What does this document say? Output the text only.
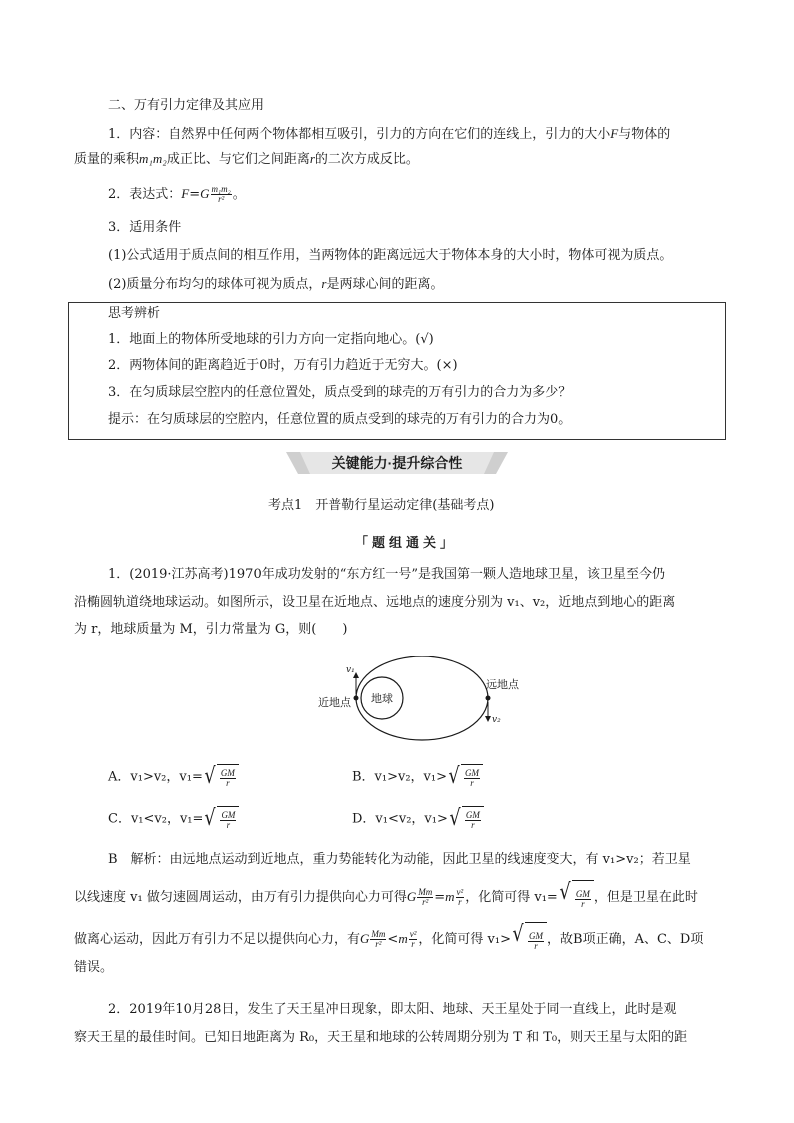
二、万有引力定律及其应用
1．内容：自然界中任何两个物体都相互吸引，引力的方向在它们的连线上，引力的大小F与物体的
质量的乘积m₁m₂成正比、与它们之间距离r的二次方成反比。
2．表达式：$F=G \frac{\text{m₁m₂}}{\text{r²}}$ 。
3．适用条件
(1)公式适用于质点间的相互作用，当两物体的距离远远大于物体本身的大小时，物体可视为质点。
(2)质量分布均匀的球体可视为质点，r是两球心间的距离。
思考辨析
1．地面上的物体所受地球的引力方向一定指向地心。(√)
2．两物体间的距离趋近于0时，万有引力趋近于无穷大。(×)
3．在匀质球层空腔内的任意位置处，质点受到的球壳的万有引力的合力为多少？
提示：在匀质球层的空腔内，任意位置的质点受到的球壳的万有引力的合力为0。
关键能力·提升综合性
考点1　开普勒行星运动定律(基础考点)
「题组通关」
1．(2019·江苏高考)1970年成功发射的“东方红一号”是我国第一颗人造地球卫星，该卫星至今仍
沿椭圆轨道绕地球运动。如图所示，设卫星在近地点、远地点的速度分别为 v₁、v₂，近地点到地心的距离
为 r，地球质量为 M，引力常量为 G，则(　　)
地球
v₁
v₂
近地点
远地点
A．v₁>v₂，v₁= √ $\frac{GM}{r}$	B．v₁>v₂，v₁> √ $\frac{GM}{r}$
C．v₁<v₂，v₁= √ $\frac{GM}{r}$	D．v₁<v₂，v₁> √ $\frac{GM}{r}$
B　解析：由远地点运动到近地点，重力势能转化为动能，因此卫星的线速度变大，有 v₁>v₂；若卫星
以线速度 v₁ 做匀速圆周运动，由万有引力提供向心力可得G $\frac{Mm}{\text{r²}} =m \frac{\text{v²}}{r}$ ，化简可得 v₁= √ $\frac{GM}{r}$ ，但是卫星在此时
做离心运动，因此万有引力不足以提供向心力，有G $\frac{Mm}{\text{r²}} <m \frac{\text{v²}}{r}$ ，化简可得 v₁> √ $\frac{GM}{r}$ ，故B项正确，A、C、D项
错误。
2．2019年10月28日，发生了天王星冲日现象，即太阳、地球、天王星处于同一直线上，此时是观
察天王星的最佳时间。已知日地距离为 R₀，天王星和地球的公转周期分别为 T 和 T₀，则天王星与太阳的距
